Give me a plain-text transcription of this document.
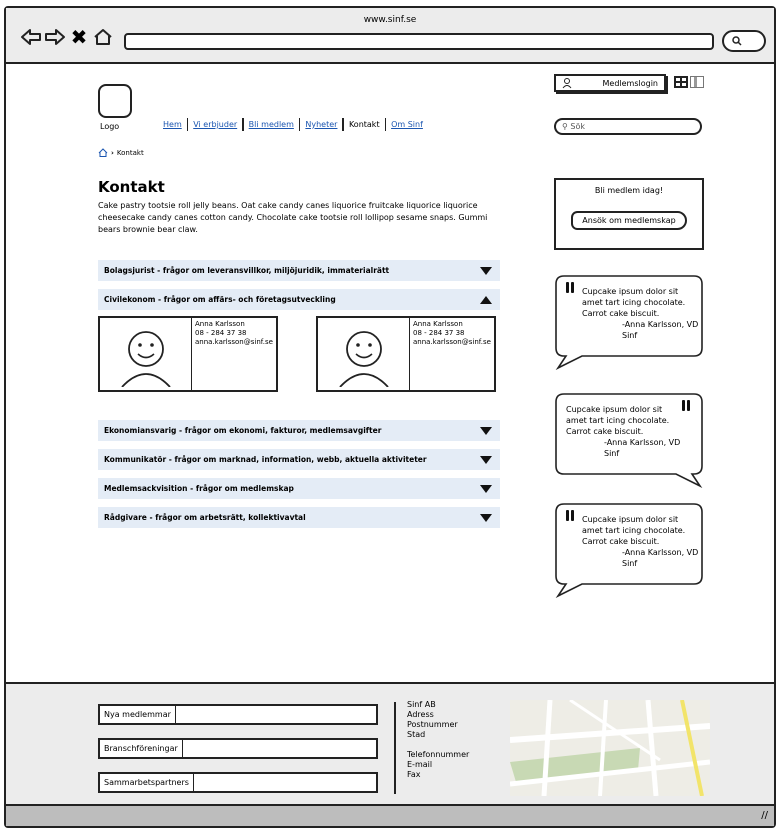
www.sinf.se
✖
Logo	Hem	Vi erbjuder	Bli medlem	Nyheter	Kontakt	Om Sinf
› Kontakt
Medlemslogin
⚲ Sök
Kontakt
Cake pastry tootsie roll jelly beans. Oat cake candy canes liquorice fruitcake liquorice liquorice cheesecake candy canes cotton candy. Chocolate cake tootsie roll lollipop sesame snaps. Gummi bears brownie bear claw.
Bolagsjurist - frågor om leveransvillkor, miljöjuridik, immaterialrätt
Civilekonom - frågor om affärs- och företagsutveckling
Anna Karlsson
08 - 284 37 38
anna.karlsson@sinf.se
Anna Karlsson
08 - 284 37 38
anna.karlsson@sinf.se
Ekonomiansvarig - frågor om ekonomi, fakturor, medlemsavgifter
Kommunikatör - frågor om marknad, information, webb, aktuella aktiviteter
Medlemsackvisition - frågor om medlemskap
Rådgivare - frågor om arbetsrätt, kollektivavtal
Bli medlem idag!
Ansök om medlemskap
Cupcake ipsum dolor sit amet tart icing chocolate. Carrot cake biscuit.
-Anna Karlsson, VD Sinf
Cupcake ipsum dolor sit amet tart icing chocolate. Carrot cake biscuit.
-Anna Karlsson, VD Sinf
Cupcake ipsum dolor sit amet tart icing chocolate. Carrot cake biscuit.
-Anna Karlsson, VD Sinf
Nya medlemmar
Branschföreningar
Sammarbetspartners
Sinf AB
Adress
Postnummer
Stad
Telefonnummer
E-mail
Fax
//
